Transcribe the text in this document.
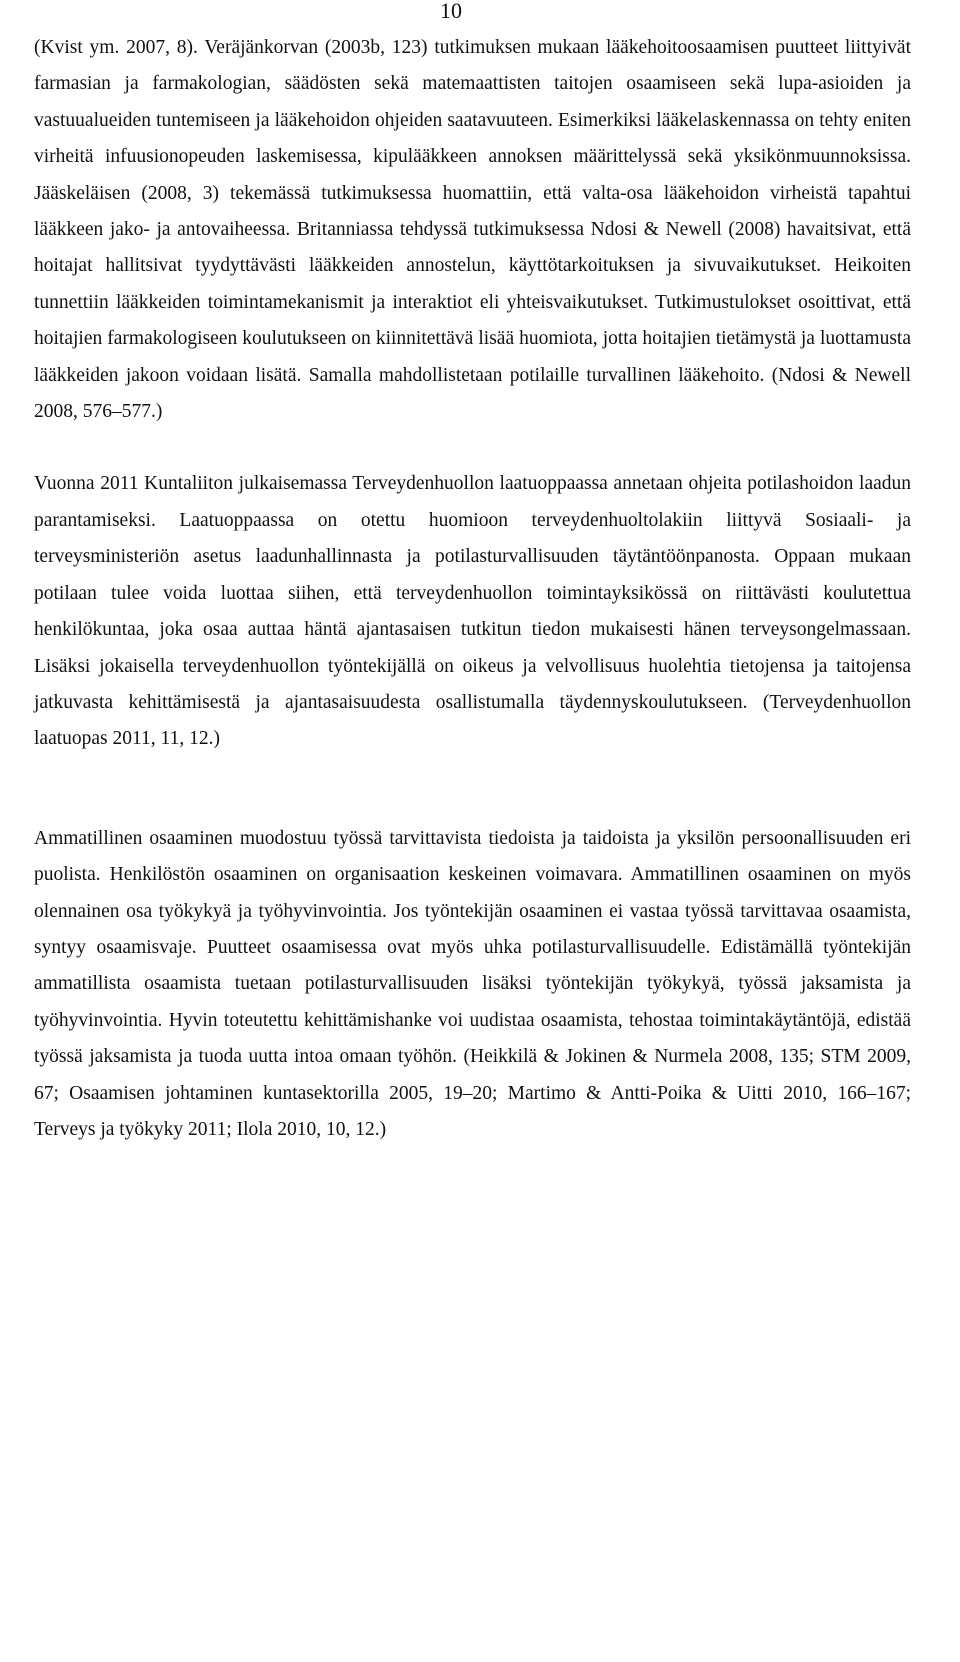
10

(Kvist ym. 2007, 8). Veräjänkorvan (2003b, 123) tutkimuksen mukaan lääkehoitoosaamisen puutteet liittyivät farmasian ja farmakologian, säädösten sekä matemaattisten taitojen osaamiseen sekä lupa-asioiden ja vastuualueiden tuntemiseen ja lääkehoidon ohjeiden saatavuuteen. Esimerkiksi lääkelaskennassa on tehty eniten virheitä infuusionopeuden laskemisessa, kipulääkkeen annoksen määrittelyssä sekä yksikönmuunnoksissa. Jääskeläisen (2008, 3) tekemässä tutkimuksessa huomattiin, että valta-osa lääkehoidon virheistä tapahtui lääkkeen jako- ja antovaiheessa. Britanniassa tehdyssä tutkimuksessa Ndosi & Newell (2008) havaitsivat, että hoitajat hallitsivat tyydyttävästi lääkkeiden annostelun, käyttötarkoituksen ja sivuvaikutukset. Heikoiten tunnettiin lääkkeiden toimintamekanismit ja interaktiot eli yhteisvaikutukset. Tutkimustulokset osoittivat, että hoitajien farmakologiseen koulutukseen on kiinnitettävä lisää huomiota, jotta hoitajien tietämystä ja luottamusta lääkkeiden jakoon voidaan lisätä. Samalla mahdollistetaan potilaille turvallinen lääkehoito. (Ndosi & Newell 2008, 576–577.)

Vuonna 2011 Kuntaliiton julkaisemassa Terveydenhuollon laatuoppaassa annetaan ohjeita potilashoidon laadun parantamiseksi. Laatuoppaassa on otettu huomioon terveydenhuoltolakiin liittyvä Sosiaali- ja terveysministeriön asetus laadunhallinnasta ja potilasturvallisuuden täytäntöönpanosta. Oppaan mukaan potilaan tulee voida luottaa siihen, että terveydenhuollon toimintayksikössä on riittävästi koulutettua henkilökuntaa, joka osaa auttaa häntä ajantasaisen tutkitun tiedon mukaisesti hänen terveysongelmassaan. Lisäksi jokaisella terveydenhuollon työntekijällä on oikeus ja velvollisuus huolehtia tietojensa ja taitojensa jatkuvasta kehittämisestä ja ajantasaisuudesta osallistumalla täydennyskoulutukseen. (Terveydenhuollon laatuopas 2011, 11, 12.)

Ammatillinen osaaminen muodostuu työssä tarvittavista tiedoista ja taidoista ja yksilön persoonallisuuden eri puolista. Henkilöstön osaaminen on organisaation keskeinen voimavara. Ammatillinen osaaminen on myös olennainen osa työkykyä ja työhyvinvointia. Jos työntekijän osaaminen ei vastaa työssä tarvittavaa osaamista, syntyy osaamisvaje. Puutteet osaamisessa ovat myös uhka potilasturvallisuudelle. Edistämällä työntekijän ammatillista osaamista tuetaan potilasturvallisuuden lisäksi työntekijän työkykyä, työssä jaksamista ja työhyvinvointia. Hyvin toteutettu kehittämishanke voi uudistaa osaamista, tehostaa toimintakäytäntöjä, edistää työssä jaksamista ja tuoda uutta intoa omaan työhön. (Heikkilä & Jokinen & Nurmela 2008, 135; STM 2009, 67; Osaamisen johtaminen kuntasektorilla 2005, 19–20; Martimo & Antti-Poika & Uitti 2010, 166–167; Terveys ja työkyky 2011; Ilola 2010, 10, 12.)
